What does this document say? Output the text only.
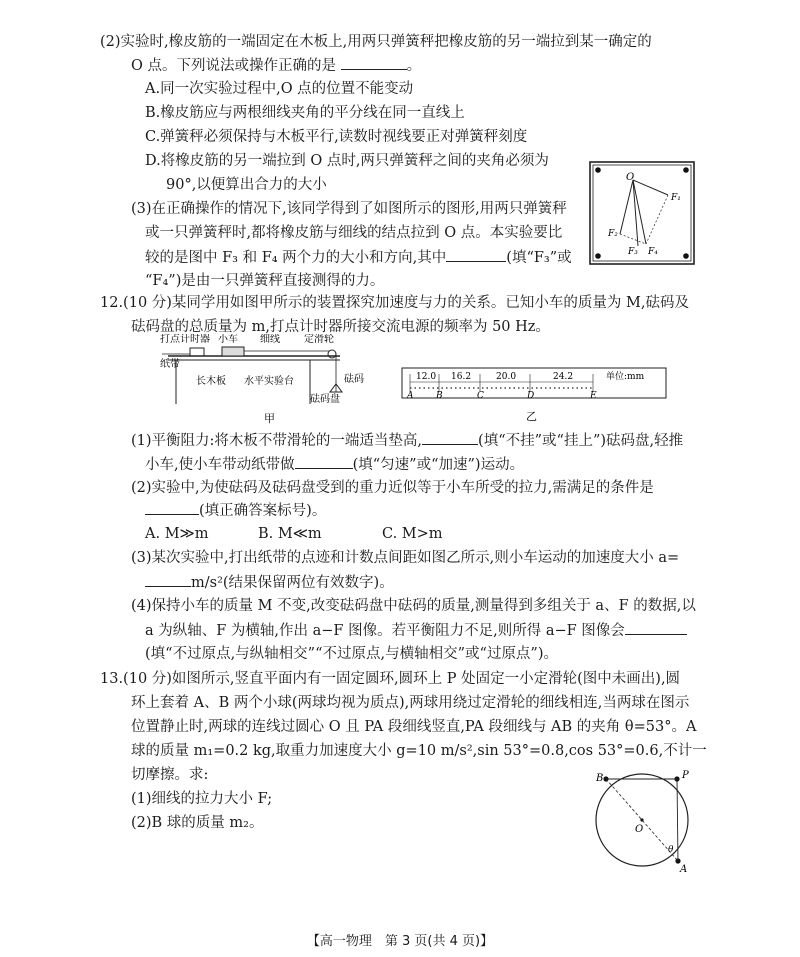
(2)实验时,橡皮筋的一端固定在木板上,用两只弹簧秤把橡皮筋的另一端拉到某一确定的
O 点。下列说法或操作正确的是	。
A.同一次实验过程中,O 点的位置不能变动
B.橡皮筋应与两根细线夹角的平分线在同一直线上
C.弹簧秤必须保持与木板平行,读数时视线要正对弹簧秤刻度
D.将橡皮筋的另一端拉到 O 点时,两只弹簧秤之间的夹角必须为
90°,以便算出合力的大小
(3)在正确操作的情况下,该同学得到了如图所示的图形,用两只弹簧秤
或一只弹簧秤时,都将橡皮筋与细线的结点拉到 O 点。本实验要比
较的是图中 F₃ 和 F₄ 两个力的大小和方向,其中	(填“F₃”或
“F₄”)是由一只弹簧秤直接测得的力。
O
F₁
F₂
F₃ F₄
12.(10 分)某同学用如图甲所示的装置探究加速度与力的关系。已知小车的质量为 M,砝码及
砝码盘的总质量为 m,打点计时器所接交流电源的频率为 50 Hz。
打点计时器 小车 细线 定滑轮
纸带
长木板 水平实验台	砝码
砝码盘
甲
12.0 16.2	20.0	24.2	单位:mm
A	B	C	D	E
乙
(1)平衡阻力:将木板不带滑轮的一端适当垫高,	(填“不挂”或“挂上”)砝码盘,轻推
小车,使小车带动纸带做	(填“匀速”或“加速”)运动。
(2)实验中,为使砝码及砝码盘受到的重力近似等于小车所受的拉力,需满足的条件是
(填正确答案标号)。
A. M≫m	B. M≪m	C. M>m
(3)某次实验中,打出纸带的点迹和计数点间距如图乙所示,则小车运动的加速度大小 a=
m/s²(结果保留两位有效数字)。
(4)保持小车的质量 M 不变,改变砝码盘中砝码的质量,测量得到多组关于 a、F 的数据,以
a 为纵轴、F 为横轴,作出 a−F 图像。若平衡阻力不足,则所得 a−F 图像会
(填“不过原点,与纵轴相交”“不过原点,与横轴相交”或“过原点”)。
13.(10 分)如图所示,竖直平面内有一固定圆环,圆环上 P 处固定一小定滑轮(图中未画出),圆
环上套着 A、B 两个小球(两球均视为质点),两球用绕过定滑轮的细线相连,当两球在图示
位置静止时,两球的连线过圆心 O 且 PA 段细线竖直,PA 段细线与 AB 的夹角 θ=53°。A
球的质量 m₁=0.2 kg,取重力加速度大小 g=10 m/s²,sin 53°=0.8,cos 53°=0.6,不计一
切摩擦。求:
(1)细线的拉力大小 F;
(2)B 球的质量 m₂。
B	P
O
A
θ
【高一物理　第 3 页(共 4 页)】
